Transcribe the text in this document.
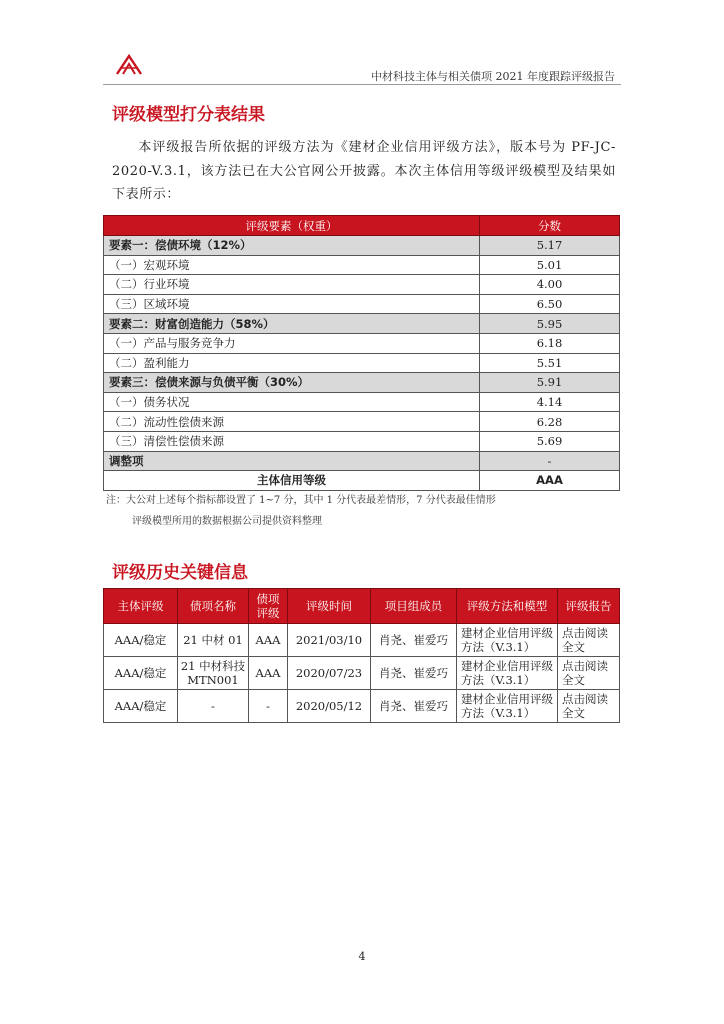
中材科技主体与相关债项 2021 年度跟踪评级报告
评级模型打分表结果
本评级报告所依据的评级方法为《建材企业信用评级方法》，版本号为 PF-JC-2020-V.3.1，该方法已在大公官网公开披露。本次主体信用等级评级模型及结果如下表所示：
评级要素（权重）	分数
要素一：偿债环境（12%）	5.17
（一）宏观环境	5.01
（二）行业环境	4.00
（三）区域环境	6.50
要素二：财富创造能力（58%）	5.95
（一）产品与服务竞争力	6.18
（二）盈利能力	5.51
要素三：偿债来源与负债平衡（30%）	5.91
（一）债务状况	4.14
（二）流动性偿债来源	6.28
（三）清偿性偿债来源	5.69
调整项	-
主体信用等级	AAA
注：大公对上述每个指标都设置了 1~7 分，其中 1 分代表最差情形，7 分代表最佳情形
评级模型所用的数据根据公司提供资料整理
评级历史关键信息
主体评级	债项名称	债项评级	评级时间	项目组成员	评级方法和模型	评级报告
AAA/稳定	21 中材 01	AAA	2021/03/10	肖尧、崔爱巧	建材企业信用评级方法（V.3.1）	点击阅读全文
AAA/稳定	21 中材科技 MTN001	AAA	2020/07/23	肖尧、崔爱巧	建材企业信用评级方法（V.3.1）	点击阅读全文
AAA/稳定	-	-	2020/05/12	肖尧、崔爱巧	建材企业信用评级方法（V.3.1）	点击阅读全文
4
